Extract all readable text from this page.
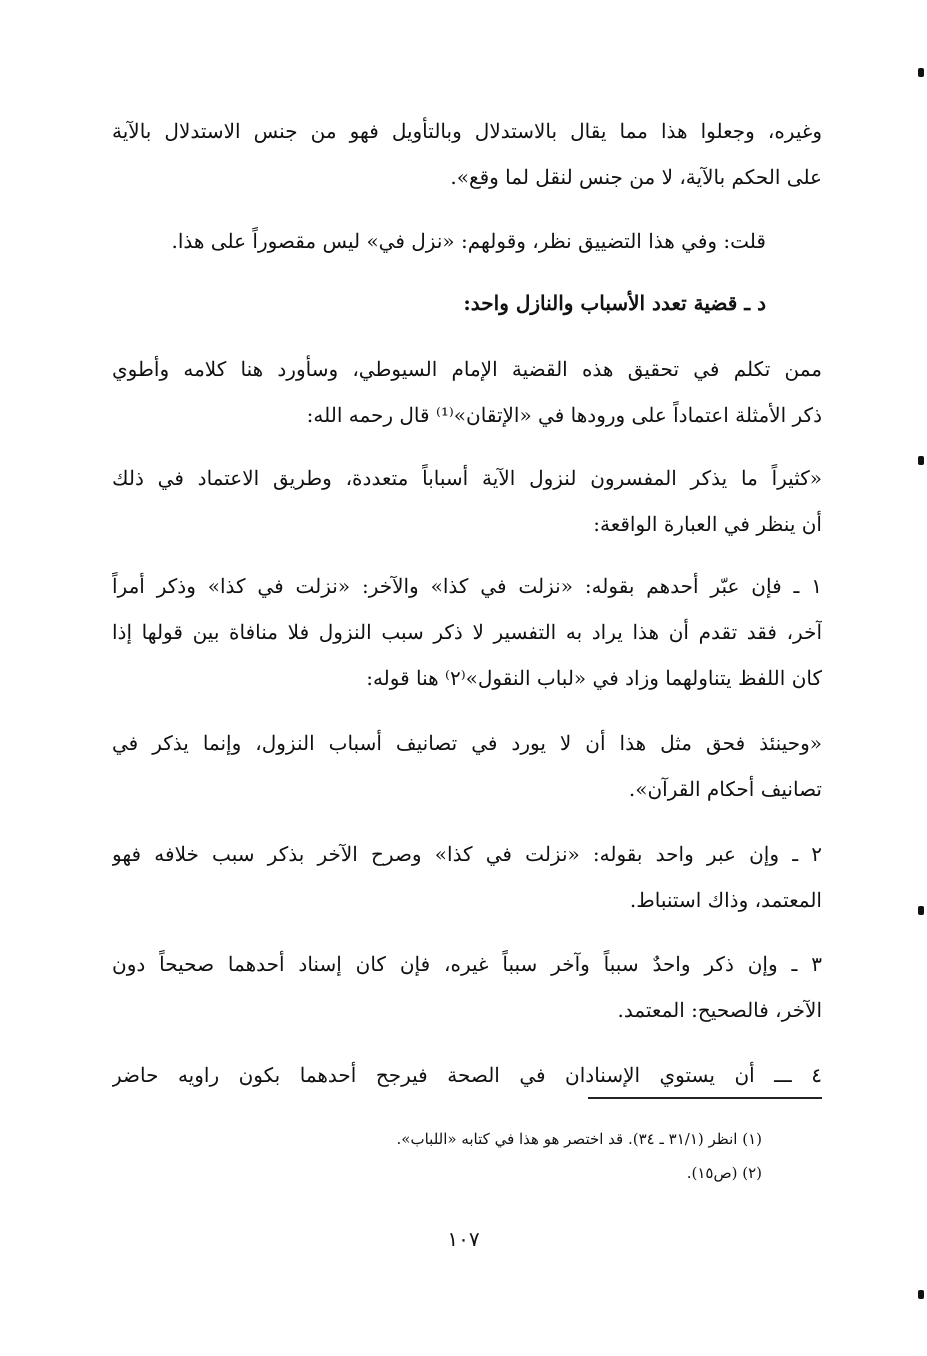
وغيره، وجعلوا هذا مما يقال بالاستدلال وبالتأويل فهو من جنس الاستدلال بالآية
على الحكم بالآية، لا من جنس لنقل لما وقع».
قلت: وفي هذا التضييق نظر، وقولهم: «نزل في» ليس مقصوراً على هذا.
د ـ قضية تعدد الأسباب والنازل واحد:
ممن تكلم في تحقيق هذه القضية الإمام السيوطي، وسأورد هنا كلامه وأطوي
ذكر الأمثلة اعتماداً على ورودها في «الإتقان»⁽¹⁾ قال رحمه الله:
«كثيراً ما يذكر المفسرون لنزول الآية أسباباً متعددة، وطريق الاعتماد في ذلك
أن ينظر في العبارة الواقعة:
١ ـ فإن عبّر أحدهم بقوله: «نزلت في كذا» والآخر: «نزلت في كذا» وذكر أمراً
آخر، فقد تقدم أن هذا يراد به التفسير لا ذكر سبب النزول فلا منافاة بين قولها إذا
كان اللفظ يتناولهما وزاد في «لباب النقول»⁽٢⁾ هنا قوله:
«وحينئذ فحق مثل هذا أن لا يورد في تصانيف أسباب النزول، وإنما يذكر في
تصانيف أحكام القرآن».
٢ ـ وإن عبر واحد بقوله: «نزلت في كذا» وصرح الآخر بذكر سبب خلافه فهو
المعتمد، وذاك استنباط.
٣ ـ وإن ذكر واحدٌ سبباً وآخر سبباً غيره، فإن كان إسناد أحدهما صحيحاً دون
الآخر، فالصحيح: المعتمد.
٤ ـــ أن يستوي الإسنادان في الصحة فيرجح أحدهما بكون راويه حاضر
(١) انظر (٣١/١ ـ ٣٤). قد اختصر هو هذا في كتابه «اللباب».
(٢) (ص١٥).
١٠٧
